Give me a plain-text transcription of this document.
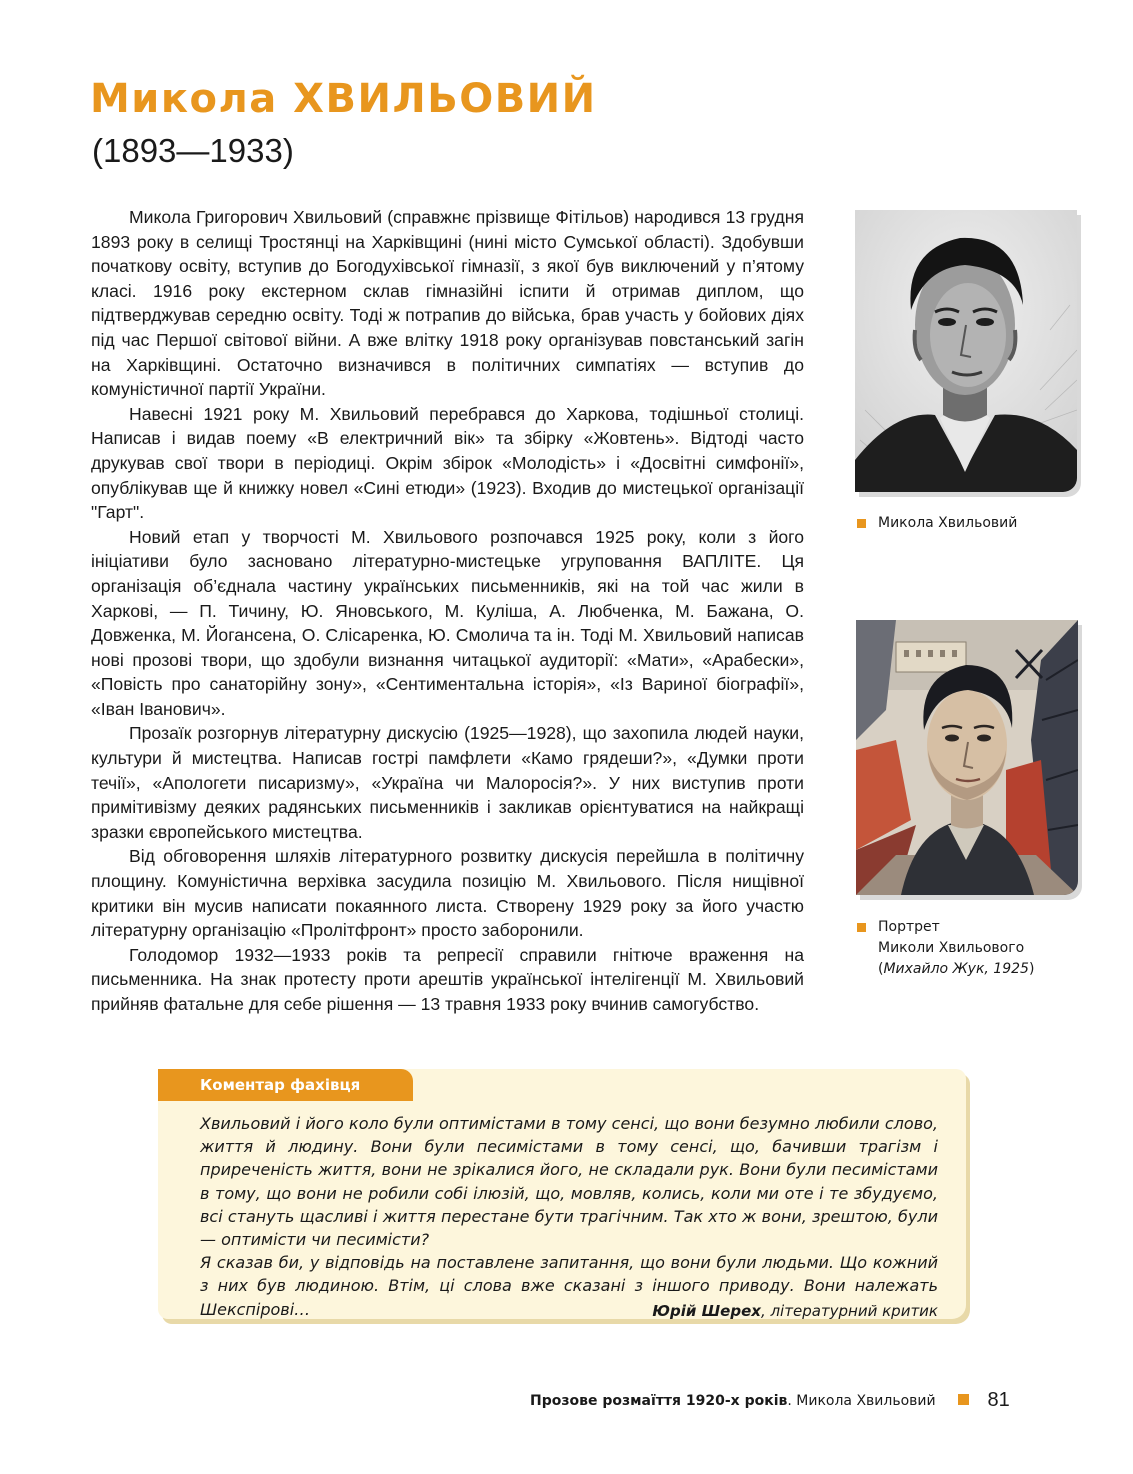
Микола ХВИЛЬОВИЙ
(1893—1933)

Микола Григорович Хвильовий (справжнє прізвище Фітільов) народився 13 грудня 1893 року в селищі Тростянці на Харківщині (нині місто Сумської області). Здобувши початкову освіту, вступив до Богодухівської гімназії, з якої був виключений у п’ятому класі. 1916 року екстерном склав гімназійні іспити й отримав диплом, що підтверджував середню освіту. Тоді ж потрапив до війська, брав участь у бойових діях під час Першої світової війни. А вже влітку 1918 року організував повстанський загін на Харківщині. Остаточно визначився в політичних симпатіях — вступив до комуністичної партії України.

Навесні 1921 року М. Хвильовий перебрався до Харкова, тодішньої столиці. Написав і видав поему «В електричний вік» та збірку «Жовтень». Відтоді часто друкував свої твори в періодиці. Окрім збірок «Молодість» і «Досвітні симфонії», опублікував ще й книжку новел «Сині етюди» (1923). Входив до мистецької організації "Гарт".

Новий етап у творчості М. Хвильового розпочався 1925 року, коли з його ініціативи було засновано літературно-мистецьке угруповання ВАПЛІТЕ. Ця організація об’єднала частину українських письменників, які на той час жили в Харкові, — П. Тичину, Ю. Яновського, М. Куліша, А. Любченка, М. Бажана, О. Довженка, М. Йогансена, О. Слісаренка, Ю. Смолича та ін. Тоді М. Хвильовий написав нові прозові твори, що здобули визнання читацької аудиторії: «Мати», «Арабески», «Повість про санаторійну зону», «Сентиментальна історія», «Із Вариної біографії», «Іван Іванович».

Прозаїк розгорнув літературну дискусію (1925—1928), що захопила людей науки, культури й мистецтва. Написав гострі памфлети «Камо грядеши?», «Думки проти течії», «Апологети писаризму», «Україна чи Малоросія?». У них виступив проти примітивізму деяких радянських письменників і закликав орієнтуватися на найкращі зразки європейського мистецтва.

Від обговорення шляхів літературного розвитку дискусія перейшла в політичну площину. Комуністична верхівка засудила позицію М. Хвильового. Після нищівної критики він мусив написати покаянного листа. Створену 1929 року за його участю літературну організацію «Пролітфронт» просто заборонили.

Голодомор 1932—1933 років та репресії справили гнітюче враження на письменника. На знак протесту проти арештів української інтелігенції М. Хвильовий прийняв фатальне для себе рішення — 13 травня 1933 року вчинив самогубство.

Микола Хвильовий
Портрет
Миколи Хвильового
(Михайло Жук, 1925)
Коментар фахівця

Хвильовий і його коло були оптимістами в тому сенсі, що вони безумно любили слово, життя й людину. Вони були песимістами в тому сенсі, що, бачивши трагізм і приреченість життя, вони не зрікалися його, не складали рук. Вони були песимістами в тому, що вони не робили собі ілюзій, що, мовляв, колись, коли ми оте і те збудуємо, всі стануть щасливі і життя перестане бути трагічним. Так хто ж вони, зрештою, були — оптимісти чи песимісти?

Я сказав би, у відповідь на поставлене запитання, що вони були людьми. Що кожний з них був людиною. Втім, ці слова вже сказані з іншого приводу. Вони належать Шекспірові…	Юрій Шерех, літературний критик
Прозове розмаїття 1920-х років. Микола Хвильовий	81
